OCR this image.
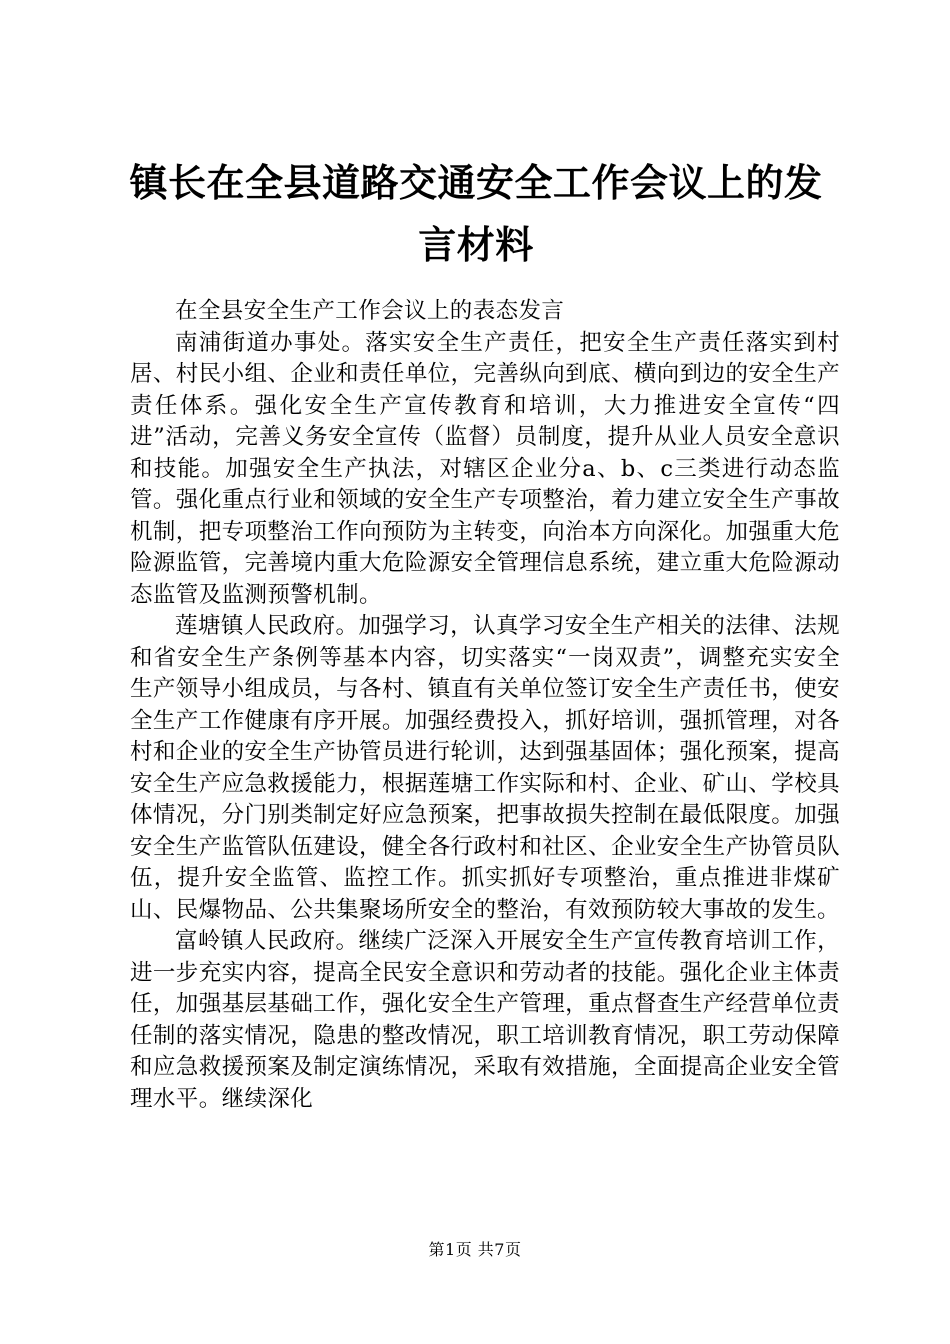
镇长在全县道路交通安全工作会议上的发言材料

在全县安全生产工作会议上的表态发言

南浦街道办事处。落实安全生产责任，把安全生产责任落实到村居、村民小组、企业和责任单位，完善纵向到底、横向到边的安全生产责任体系。强化安全生产宣传教育和培训，大力推进安全宣传“四进”活动，完善义务安全宣传（监督）员制度，提升从业人员安全意识和技能。加强安全生产执法，对辖区企业分a、b、c三类进行动态监管。强化重点行业和领域的安全生产专项整治，着力建立安全生产事故机制，把专项整治工作向预防为主转变，向治本方向深化。加强重大危险源监管，完善境内重大危险源安全管理信息系统，建立重大危险源动态监管及监测预警机制。

莲塘镇人民政府。加强学习，认真学习安全生产相关的法律、法规和省安全生产条例等基本内容，切实落实“一岗双责”，调整充实安全生产领导小组成员，与各村、镇直有关单位签订安全生产责任书，使安全生产工作健康有序开展。加强经费投入，抓好培训，强抓管理，对各村和企业的安全生产协管员进行轮训，达到强基固体；强化预案，提高安全生产应急救援能力，根据莲塘工作实际和村、企业、矿山、学校具体情况，分门别类制定好应急预案，把事故损失控制在最低限度。加强安全生产监管队伍建设，健全各行政村和社区、企业安全生产协管员队伍，提升安全监管、监控工作。抓实抓好专项整治，重点推进非煤矿山、民爆物品、公共集聚场所安全的整治，有效预防较大事故的发生。

富岭镇人民政府。继续广泛深入开展安全生产宣传教育培训工作，进一步充实内容，提高全民安全意识和劳动者的技能。强化企业主体责任，加强基层基础工作，强化安全生产管理，重点督查生产经营单位责任制的落实情况，隐患的整改情况，职工培训教育情况，职工劳动保障和应急救援预案及制定演练情况，采取有效措施，全面提高企业安全管理水平。继续深化

第1页 共7页
